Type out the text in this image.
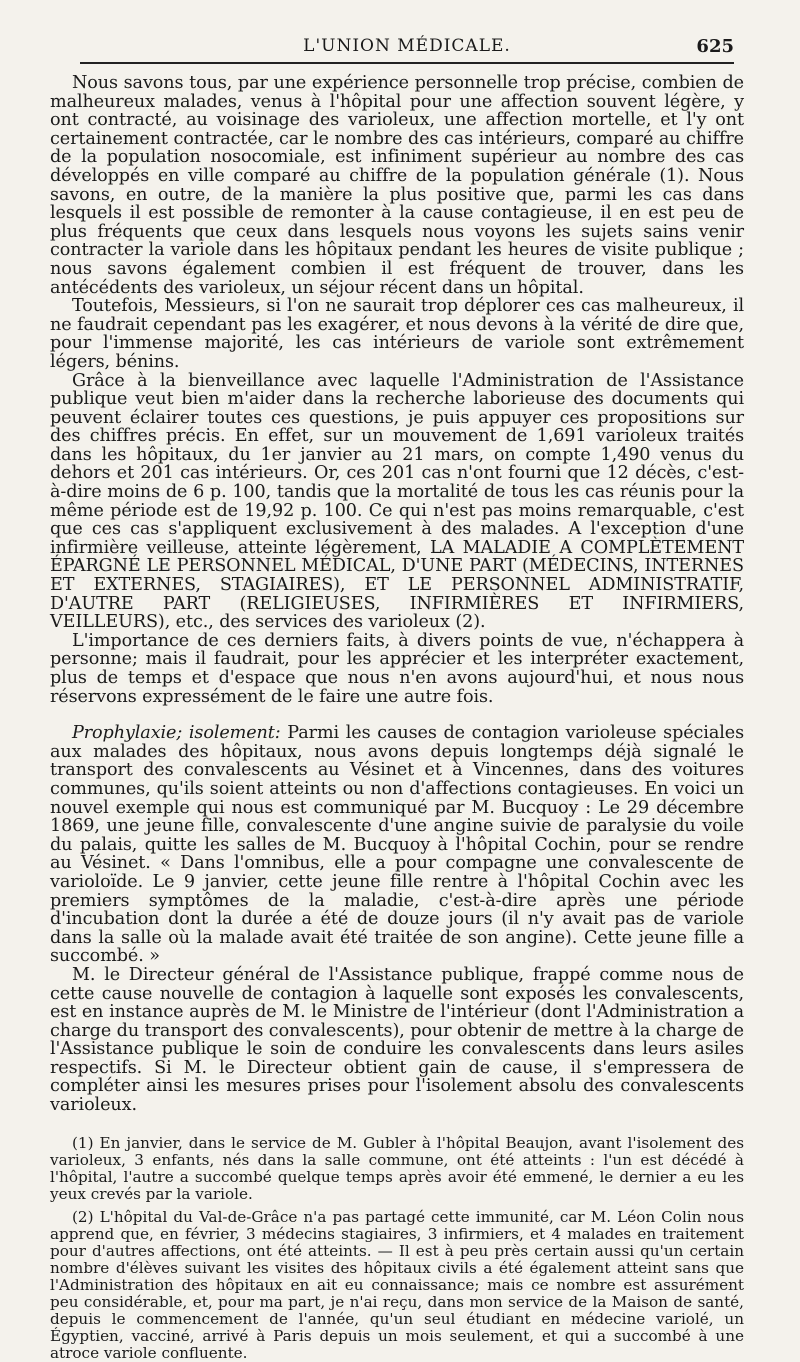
L'UNION MÉDICALE.	625

Nous savons tous, par une expérience personnelle trop précise, combien de malheureux malades, venus à l'hôpital pour une affection souvent légère, y ont contracté, au voisinage des varioleux, une affection mortelle, et l'y ont certainement contractée, car le nombre des cas intérieurs, comparé au chiffre de la population nosocomiale, est infiniment supérieur au nombre des cas développés en ville comparé au chiffre de la population générale (1). Nous savons, en outre, de la manière la plus positive que, parmi les cas dans lesquels il est possible de remonter à la cause contagieuse, il en est peu de plus fréquents que ceux dans lesquels nous voyons les sujets sains venir contracter la variole dans les hôpitaux pendant les heures de visite publique ; nous savons également combien il est fréquent de trouver, dans les antécédents des varioleux, un séjour récent dans un hôpital.

Toutefois, Messieurs, si l'on ne saurait trop déplorer ces cas malheureux, il ne faudrait cependant pas les exagérer, et nous devons à la vérité de dire que, pour l'immense majorité, les cas intérieurs de variole sont extrêmement légers, bénins.

Grâce à la bienveillance avec laquelle l'Administration de l'Assistance publique veut bien m'aider dans la recherche laborieuse des documents qui peuvent éclairer toutes ces questions, je puis appuyer ces propositions sur des chiffres précis. En effet, sur un mouvement de 1,691 varioleux traités dans les hôpitaux, du 1er janvier au 21 mars, on compte 1,490 venus du dehors et 201 cas intérieurs. Or, ces 201 cas n'ont fourni que 12 décès, c'est-à-dire moins de 6 p. 100, tandis que la mortalité de tous les cas réunis pour la même période est de 19,92 p. 100. Ce qui n'est pas moins remarquable, c'est que ces cas s'appliquent exclusivement à des malades. A l'exception d'une infirmière veilleuse, atteinte légèrement, LA MALADIE A COMPLÈTEMENT ÉPARGNÉ LE PERSONNEL MÉDICAL, D'UNE PART (MÉDECINS, INTERNES ET EXTERNES, STAGIAIRES), ET LE PERSONNEL ADMINISTRATIF, D'AUTRE PART (RELIGIEUSES, INFIRMIÈRES ET INFIRMIERS, VEILLEURS), etc., des services des varioleux (2).

L'importance de ces derniers faits, à divers points de vue, n'échappera à personne; mais il faudrait, pour les apprécier et les interpréter exactement, plus de temps et d'espace que nous n'en avons aujourd'hui, et nous nous réservons expressément de le faire une autre fois.

Prophylaxie; isolement: Parmi les causes de contagion varioleuse spéciales aux malades des hôpitaux, nous avons depuis longtemps déjà signalé le transport des convalescents au Vésinet et à Vincennes, dans des voitures communes, qu'ils soient atteints ou non d'affections contagieuses. En voici un nouvel exemple qui nous est communiqué par M. Bucquoy : Le 29 décembre 1869, une jeune fille, convalescente d'une angine suivie de paralysie du voile du palais, quitte les salles de M. Bucquoy à l'hôpital Cochin, pour se rendre au Vésinet. « Dans l'omnibus, elle a pour compagne une convalescente de varioloïde. Le 9 janvier, cette jeune fille rentre à l'hôpital Cochin avec les premiers symptômes de la maladie, c'est-à-dire après une période d'incubation dont la durée a été de douze jours (il n'y avait pas de variole dans la salle où la malade avait été traitée de son angine). Cette jeune fille a succombé. »

M. le Directeur général de l'Assistance publique, frappé comme nous de cette cause nouvelle de contagion à laquelle sont exposés les convalescents, est en instance auprès de M. le Ministre de l'intérieur (dont l'Administration a charge du transport des convalescents), pour obtenir de mettre à la charge de l'Assistance publique le soin de conduire les convalescents dans leurs asiles respectifs. Si M. le Directeur obtient gain de cause, il s'empressera de compléter ainsi les mesures prises pour l'isolement absolu des convalescents varioleux.

(1) En janvier, dans le service de M. Gubler à l'hôpital Beaujon, avant l'isolement des varioleux, 3 enfants, nés dans la salle commune, ont été atteints : l'un est décédé à l'hôpital, l'autre a succombé quelque temps après avoir été emmené, le dernier a eu les yeux crevés par la variole.

(2) L'hôpital du Val-de-Grâce n'a pas partagé cette immunité, car M. Léon Colin nous apprend que, en février, 3 médecins stagiaires, 3 infirmiers, et 4 malades en traitement pour d'autres affections, ont été atteints. — Il est à peu près certain aussi qu'un certain nombre d'élèves suivant les visites des hôpitaux civils a été également atteint sans que l'Administration des hôpitaux en ait eu connaissance; mais ce nombre est assurément peu considérable, et, pour ma part, je n'ai reçu, dans mon service de la Maison de santé, depuis le commencement de l'année, qu'un seul étudiant en médecine variolé, un Égyptien, vacciné, arrivé à Paris depuis un mois seulement, et qui a succombé à une atroce variole confluente.
